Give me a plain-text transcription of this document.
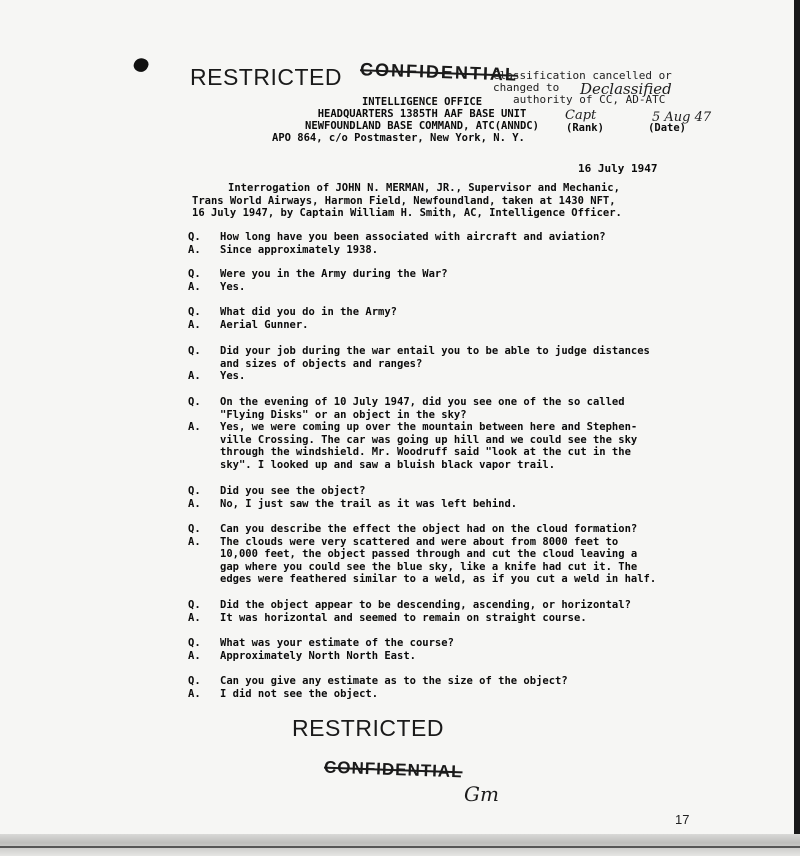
RESTRICTED CONFIDENTIAL
Classification cancelled or
changed to
authority of CC, AD-ATC
Declassified
Capt	5 Aug 47
INTELLIGENCE OFFICE
HEADQUARTERS 1385TH AAF BASE UNIT
NEWFOUNDLAND BASE COMMAND, ATC(ANNDC)
APO 864, c/o Postmaster, New York, N. Y.
(Rank)	(Date)
16 July 1947
Interrogation of JOHN N. MERMAN, JR., Supervisor and Mechanic,
Trans World Airways, Harmon Field, Newfoundland, taken at 1430 NFT,
16 July 1947, by Captain William H. Smith, AC, Intelligence Officer.
Q.	How long have you been associated with aircraft and aviation?
A.	Since approximately 1938.
Q.	Were you in the Army during the War?
A.	Yes.
Q.	What did you do in the Army?
A.	Aerial Gunner.
Q.	Did your job during the war entail you to be able to judge distances
and sizes of objects and ranges?
A.	Yes.
Q.	On the evening of 10 July 1947, did you see one of the so called
"Flying Disks" or an object in the sky?
A.	Yes, we were coming up over the mountain between here and Stephen-
ville Crossing. The car was going up hill and we could see the sky
through the windshield. Mr. Woodruff said "look at the cut in the
sky". I looked up and saw a bluish black vapor trail.
Q.	Did you see the object?
A.	No, I just saw the trail as it was left behind.
Q.	Can you describe the effect the object had on the cloud formation?
A.	The clouds were very scattered and were about from 8000 feet to
10,000 feet, the object passed through and cut the cloud leaving a
gap where you could see the blue sky, like a knife had cut it. The
edges were feathered similar to a weld, as if you cut a weld in half.
Q.	Did the object appear to be descending, ascending, or horizontal?
A.	It was horizontal and seemed to remain on straight course.
Q.	What was your estimate of the course?
A.	Approximately North North East.
Q.	Can you give any estimate as to the size of the object?
A.	I did not see the object.
RESTRICTED
CONFIDENTIAL
Gm
17
